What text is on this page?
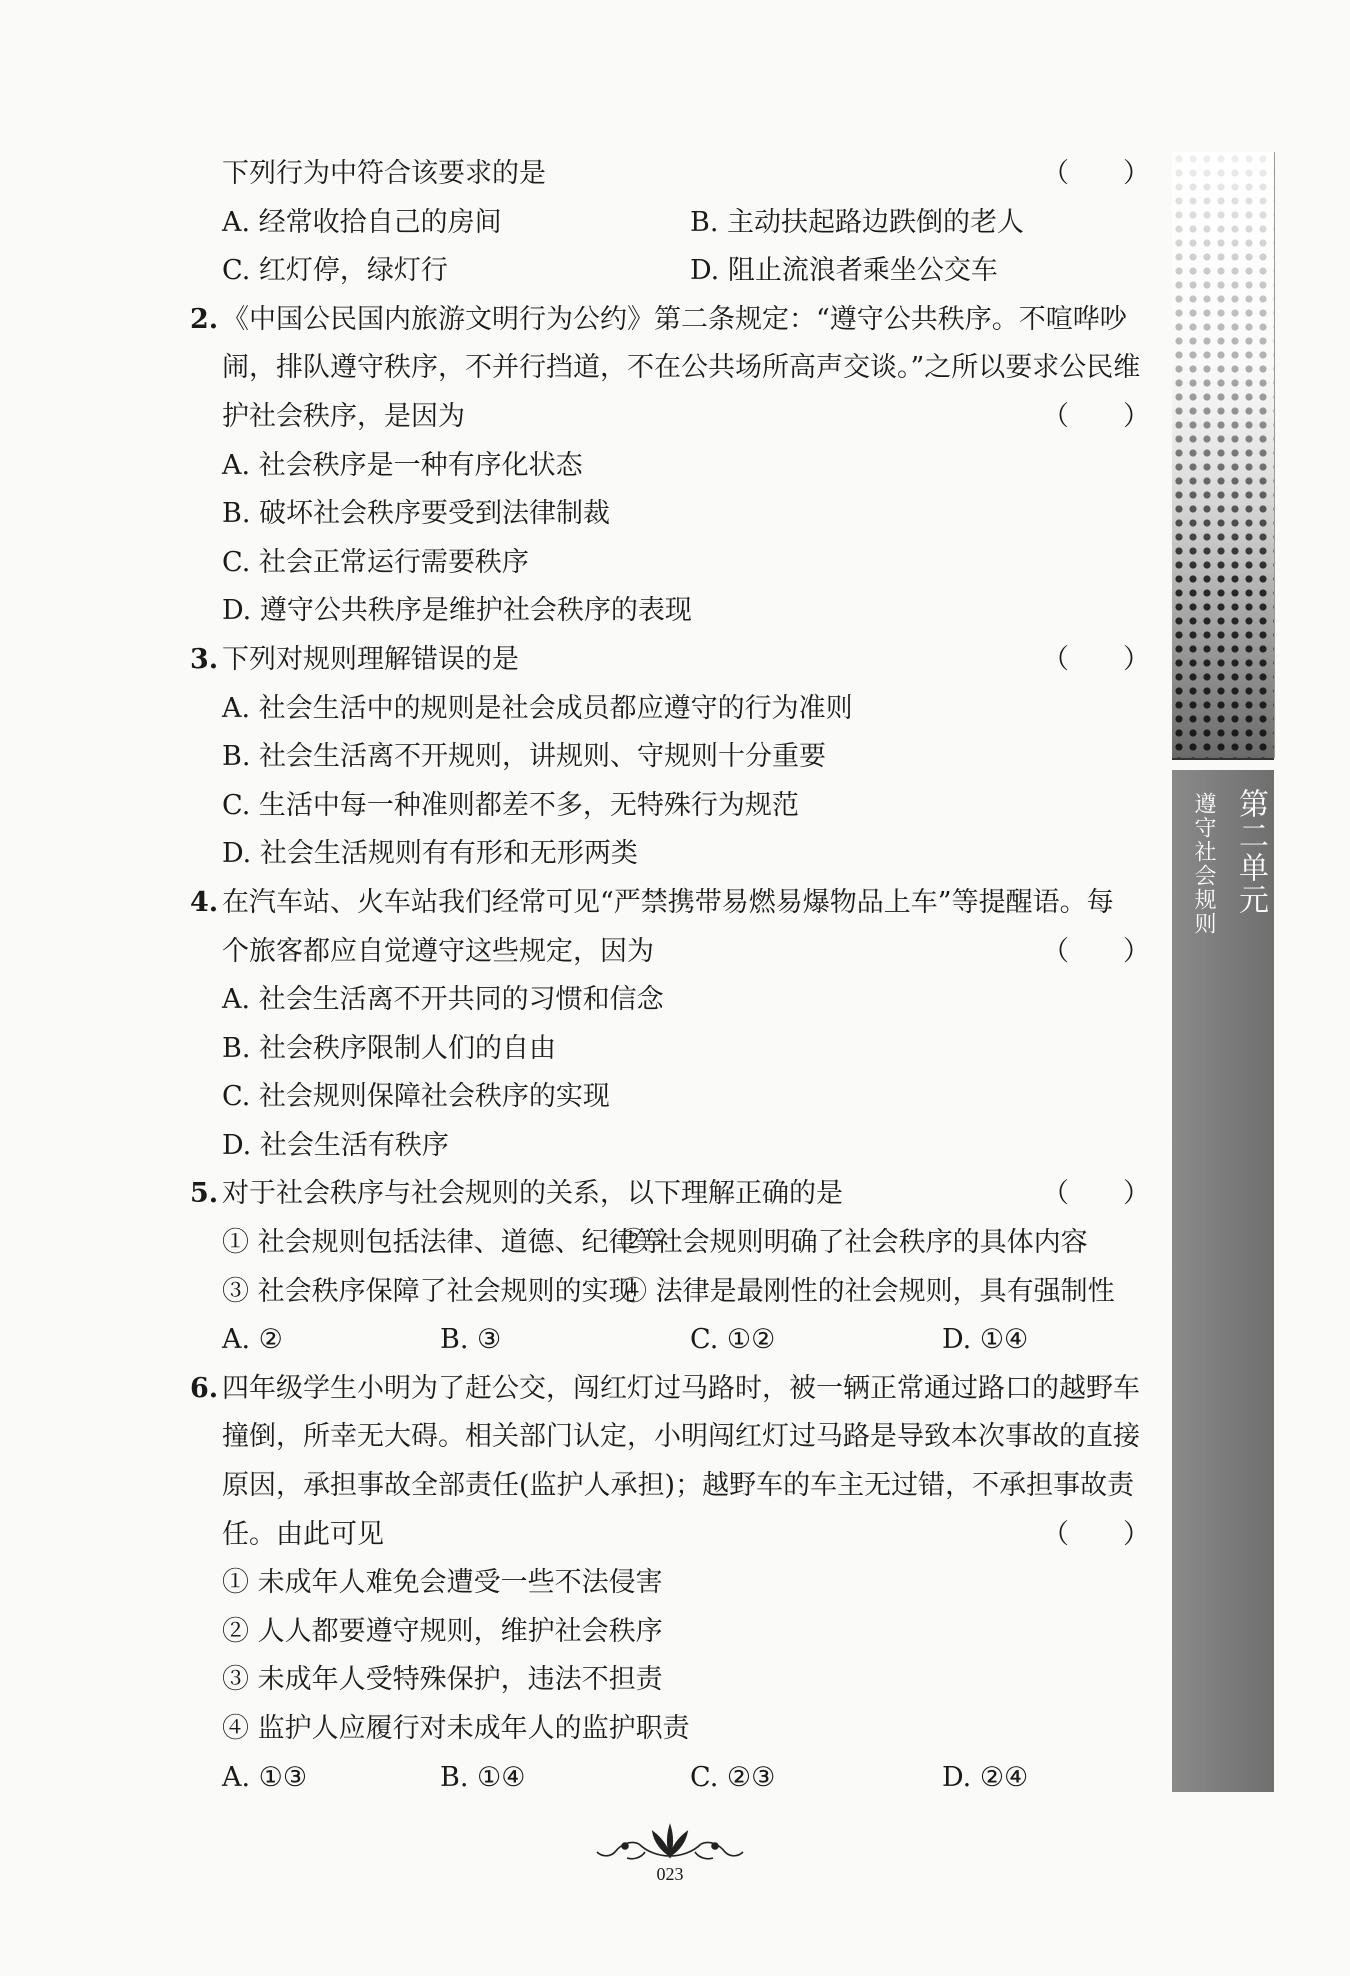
下列行为中符合该要求的是	（　　）
A. 经常收拾自己的房间	B. 主动扶起路边跌倒的老人
C. 红灯停，绿灯行	D. 阻止流浪者乘坐公交车
2. 《中国公民国内旅游文明行为公约》第二条规定：“遵守公共秩序。不喧哗吵
闹，排队遵守秩序，不并行挡道，不在公共场所高声交谈。”之所以要求公民维
护社会秩序，是因为	（　　）
A. 社会秩序是一种有序化状态
B. 破坏社会秩序要受到法律制裁
C. 社会正常运行需要秩序
D. 遵守公共秩序是维护社会秩序的表现
3. 下列对规则理解错误的是	（　　）
A. 社会生活中的规则是社会成员都应遵守的行为准则
B. 社会生活离不开规则，讲规则、守规则十分重要
C. 生活中每一种准则都差不多，无特殊行为规范
D. 社会生活规则有有形和无形两类
4. 在汽车站、火车站我们经常可见“严禁携带易燃易爆物品上车”等提醒语。每
个旅客都应自觉遵守这些规定，因为	（　　）
A. 社会生活离不开共同的习惯和信念
B. 社会秩序限制人们的自由
C. 社会规则保障社会秩序的实现
D. 社会生活有秩序
5. 对于社会秩序与社会规则的关系，以下理解正确的是	（　　）
① 社会规则包括法律、道德、纪律等
② 社会规则明确了社会秩序的具体内容
③ 社会秩序保障了社会规则的实现
④ 法律是最刚性的社会规则，具有强制性
A. ②	B. ③	C. ①②	D. ①④
6. 四年级学生小明为了赶公交，闯红灯过马路时，被一辆正常通过路口的越野车
撞倒，所幸无大碍。相关部门认定，小明闯红灯过马路是导致本次事故的直接
原因，承担事故全部责任(监护人承担)；越野车的车主无过错，不承担事故责
任。由此可见	（　　）
① 未成年人难免会遭受一些不法侵害
② 人人都要遵守规则，维护社会秩序
③ 未成年人受特殊保护，违法不担责
④ 监护人应履行对未成年人的监护职责
A. ①③	B. ①④	C. ②③	D. ②④
第二单元
遵守社会规则
023
